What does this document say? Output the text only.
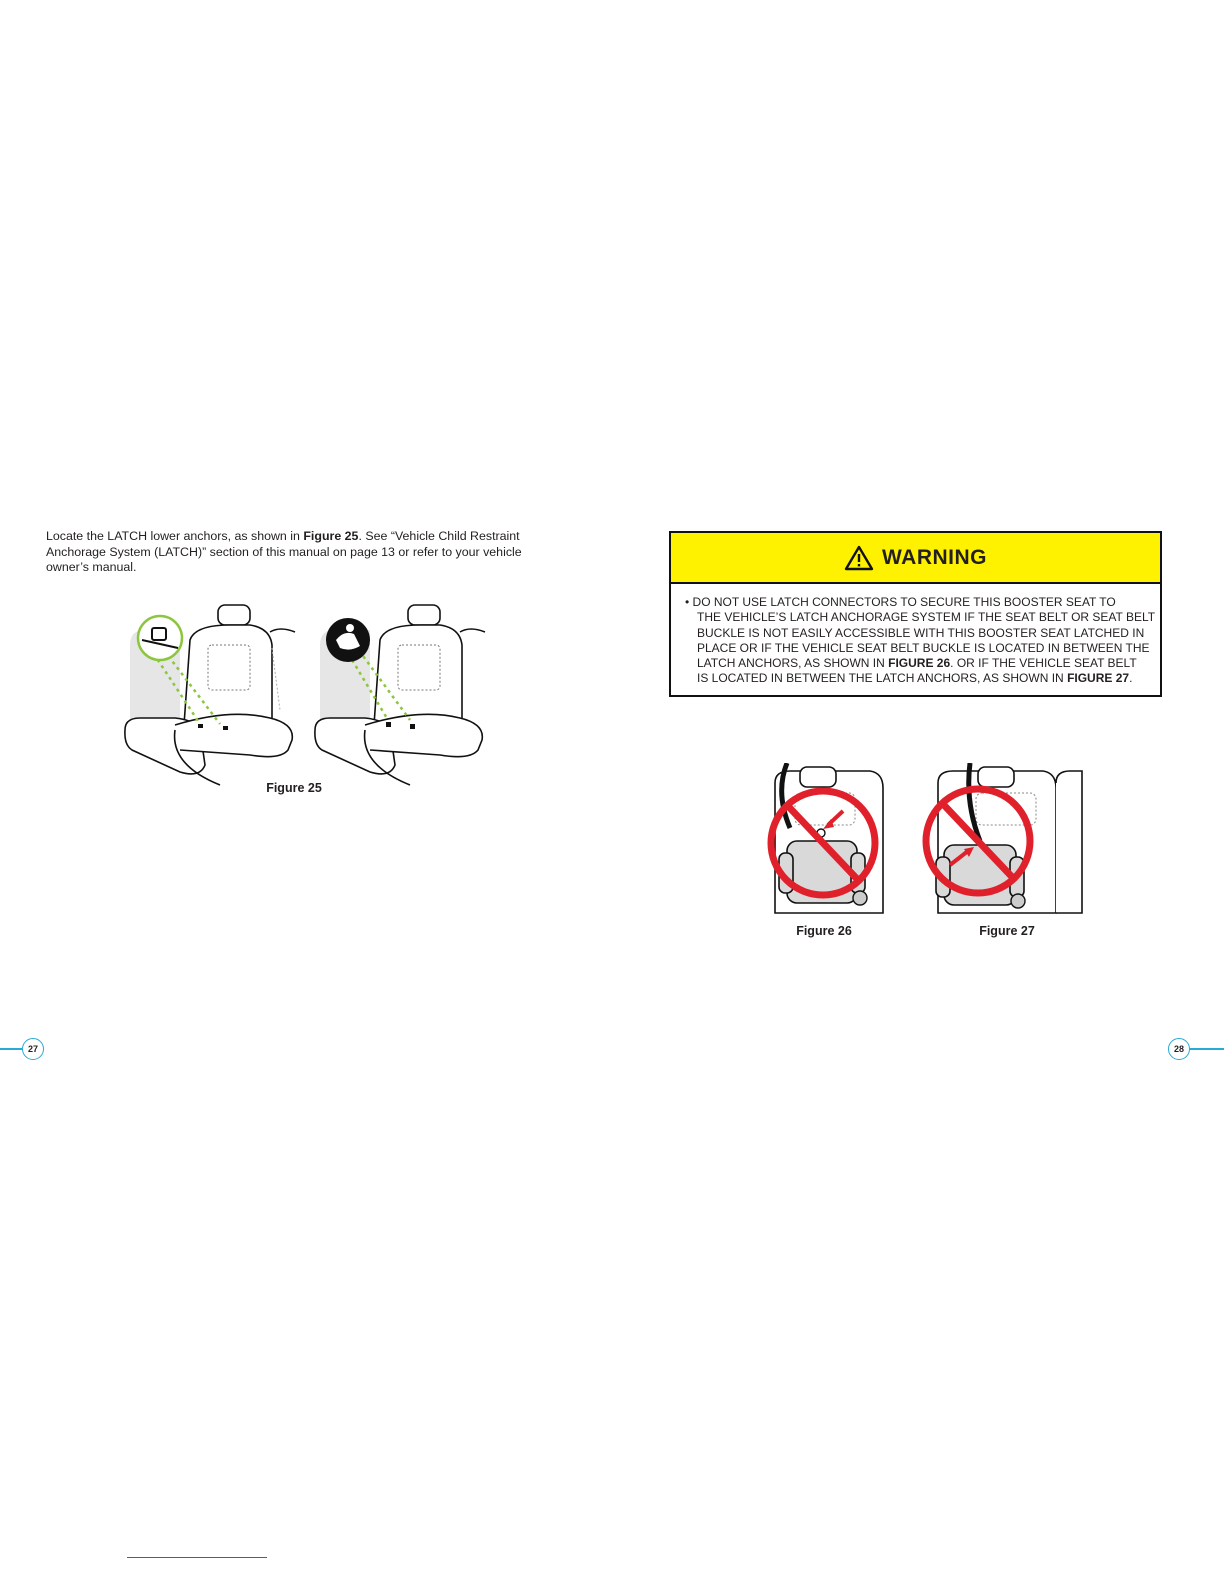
Locate the LATCH lower anchors, as shown in Figure 25. See “Vehicle Child Restraint Anchorage System (LATCH)” section of this manual on page 13 or refer to your vehicle owner’s manual.
Figure 25
WARNING
• DO NOT USE LATCH CONNECTORS TO SECURE THIS BOOSTER SEAT TO
THE VEHICLE’S LATCH ANCHORAGE SYSTEM IF THE SEAT BELT OR SEAT BELT
BUCKLE IS NOT EASILY ACCESSIBLE WITH THIS BOOSTER SEAT LATCHED IN
PLACE OR IF THE VEHICLE SEAT BELT BUCKLE IS LOCATED IN BETWEEN THE
LATCH ANCHORS, AS SHOWN IN FIGURE 26. OR IF THE VEHICLE SEAT BELT
IS LOCATED IN BETWEEN THE LATCH ANCHORS, AS SHOWN IN FIGURE 27.
Figure 26	Figure 27
27	28
